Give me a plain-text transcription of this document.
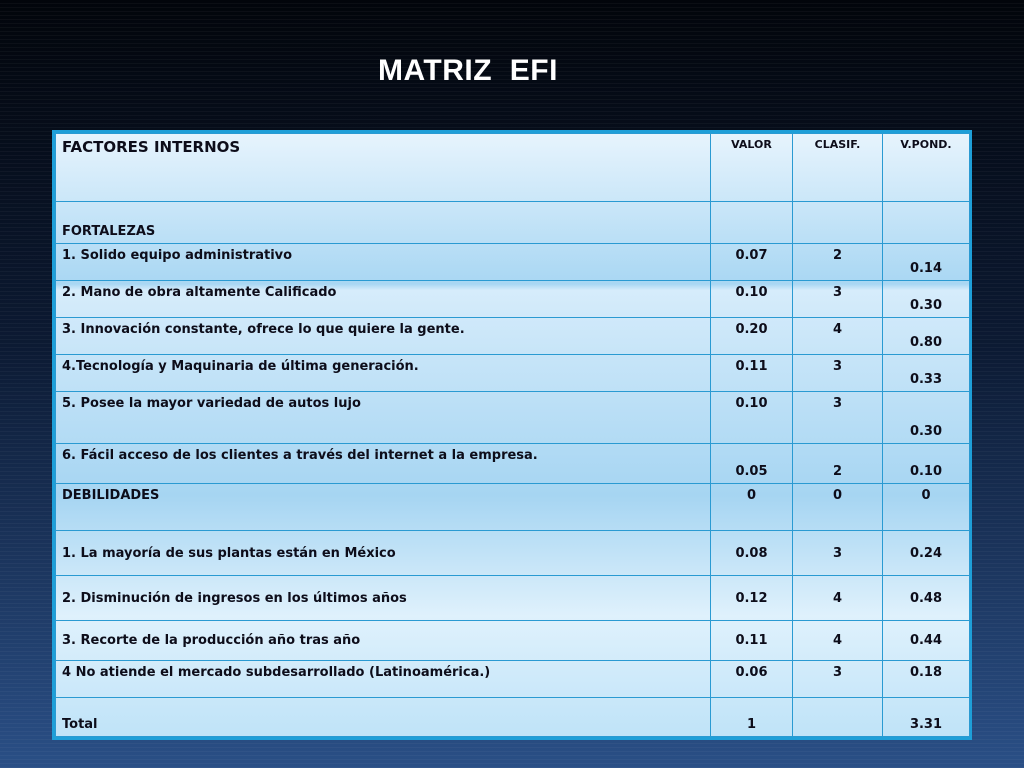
MATRIZ  EFI
FACTORES INTERNOS	VALOR	CLASIF.	V.POND.
FORTALEZAS			
1. Solido equipo administrativo	0.07	2	0.14
2. Mano de obra altamente Calificado	0.10	3	0.30
3. Innovación constante, ofrece lo que quiere la gente.	0.20	4	0.80
4.Tecnología y Maquinaria de última generación.	0.11	3	0.33
5. Posee la mayor variedad de autos lujo	0.10	3	0.30
6. Fácil acceso de los clientes a través del internet a la empresa.	0.05	2	0.10
DEBILIDADES	0	0	0
1. La mayoría de sus plantas están en México	0.08	3	0.24
2. Disminución de ingresos en los últimos años	0.12	4	0.48
3. Recorte de la producción año tras año	0.11	4	0.44
4 No atiende el mercado subdesarrollado (Latinoamérica.)	0.06	3	0.18
Total	1		3.31
